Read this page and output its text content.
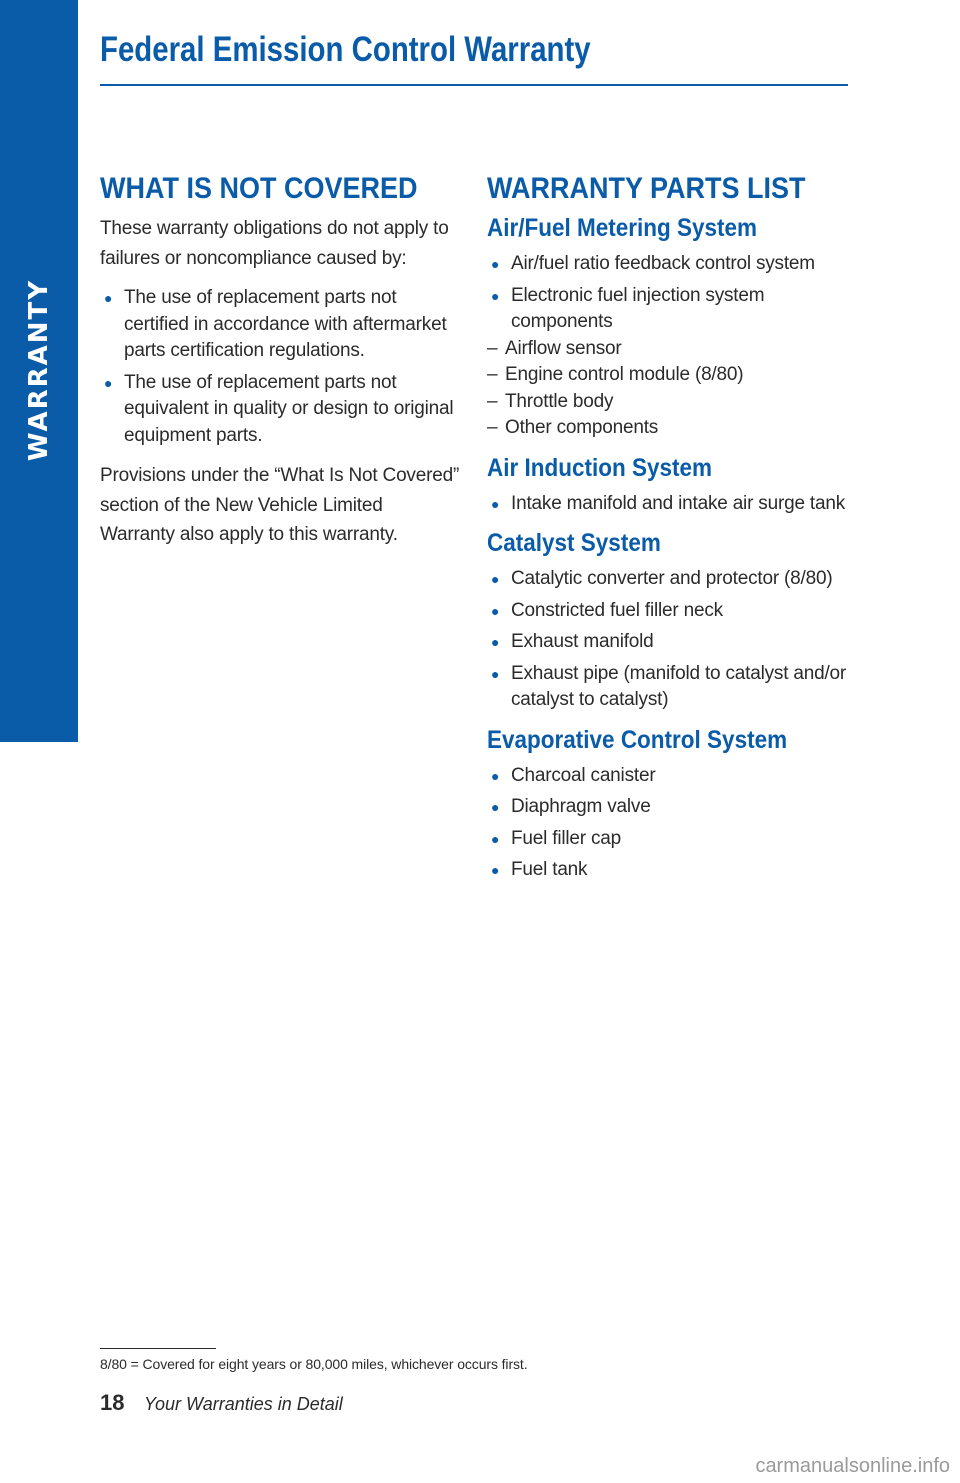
WARRANTY
Federal Emission Control Warranty
WHAT IS NOT COVERED

These warranty obligations do not apply to failures or noncompliance caused by:

● The use of replacement parts not certified in accordance with aftermarket parts certification regulations.
● The use of replacement parts not equivalent in quality or design to original equipment parts.

Provisions under the “What Is Not Covered” section of the New Vehicle Limited Warranty also apply to this warranty.

WARRANTY PARTS LIST
Air/Fuel Metering System
● Air/fuel ratio feedback control system
● Electronic fuel injection system components
– Airflow sensor
– Engine control module (8/80)
– Throttle body
– Other components
Air Induction System
● Intake manifold and intake air surge tank
Catalyst System
● Catalytic converter and protector (8/80)
● Constricted fuel filler neck
● Exhaust manifold
● Exhaust pipe (manifold to catalyst and/or catalyst to catalyst)
Evaporative Control System
● Charcoal canister
● Diaphragm valve
● Fuel filler cap
● Fuel tank
8/80 = Covered for eight years or 80,000 miles, whichever occurs first.
18 Your Warranties in Detail
carmanualsonline.info
